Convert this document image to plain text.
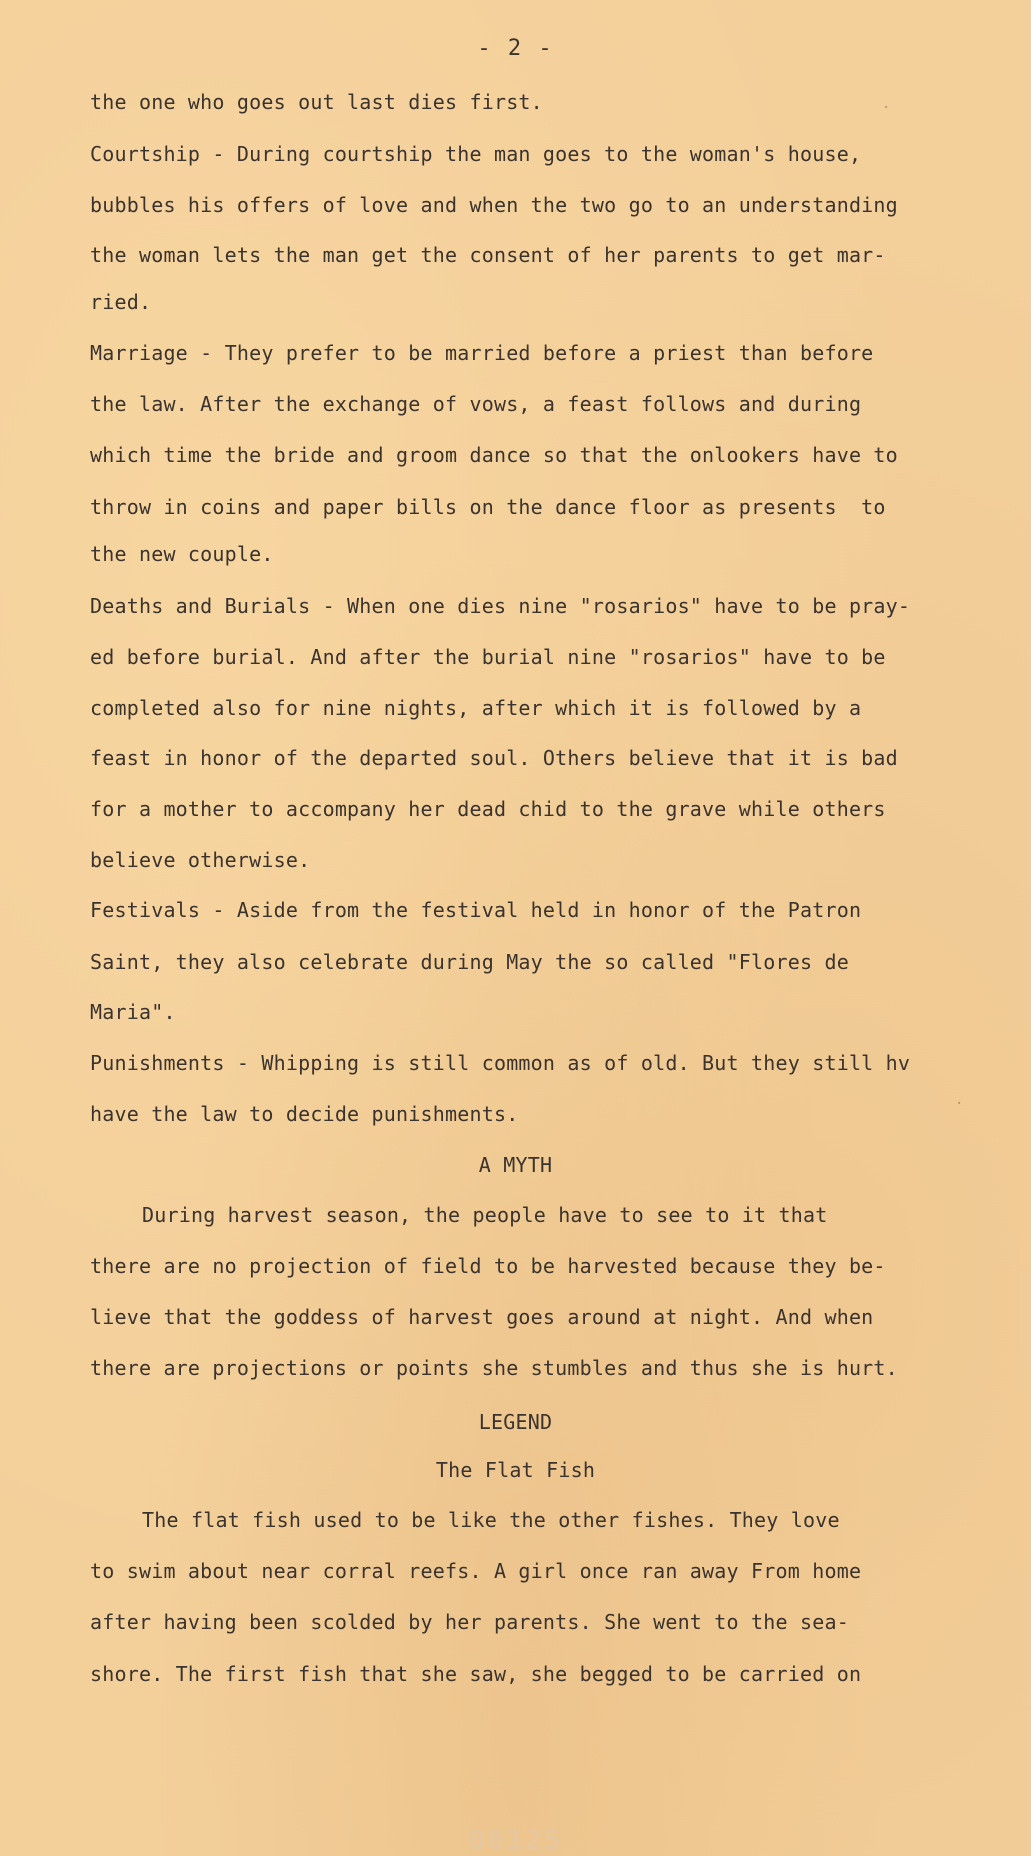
- 2 -
the one who goes out last dies first.
Courtship - During courtship the man goes to the woman's house,
bubbles his offers of love and when the two go to an understanding
the woman lets the man get the consent of her parents to get mar-
ried.
Marriage - They prefer to be married before a priest than before
the law. After the exchange of vows, a feast follows and during
which time the bride and groom dance so that the onlookers have to
throw in coins and paper bills on the dance floor as presents  to
the new couple.
Deaths and Burials - When one dies nine "rosarios" have to be pray-
ed before burial. And after the burial nine "rosarios" have to be
completed also for nine nights, after which it is followed by a
feast in honor of the departed soul. Others believe that it is bad
for a mother to accompany her dead chid to the grave while others
believe otherwise.
Festivals - Aside from the festival held in honor of the Patron
Saint, they also celebrate during May the so called "Flores de
Maria".
Punishments - Whipping is still common as of old. But they still hv
have the law to decide punishments.
A MYTH
During harvest season, the people have to see to it that
there are no projection of field to be harvested because they be-
lieve that the goddess of harvest goes around at night. And when
there are projections or points she stumbles and thus she is hurt.
LEGEND
The Flat Fish
The flat fish used to be like the other fishes. They love
to swim about near corral reefs. A girl once ran away From home
after having been scolded by her parents. She went to the sea-
shore. The first fish that she saw, she begged to be carried on
·
·
00125
